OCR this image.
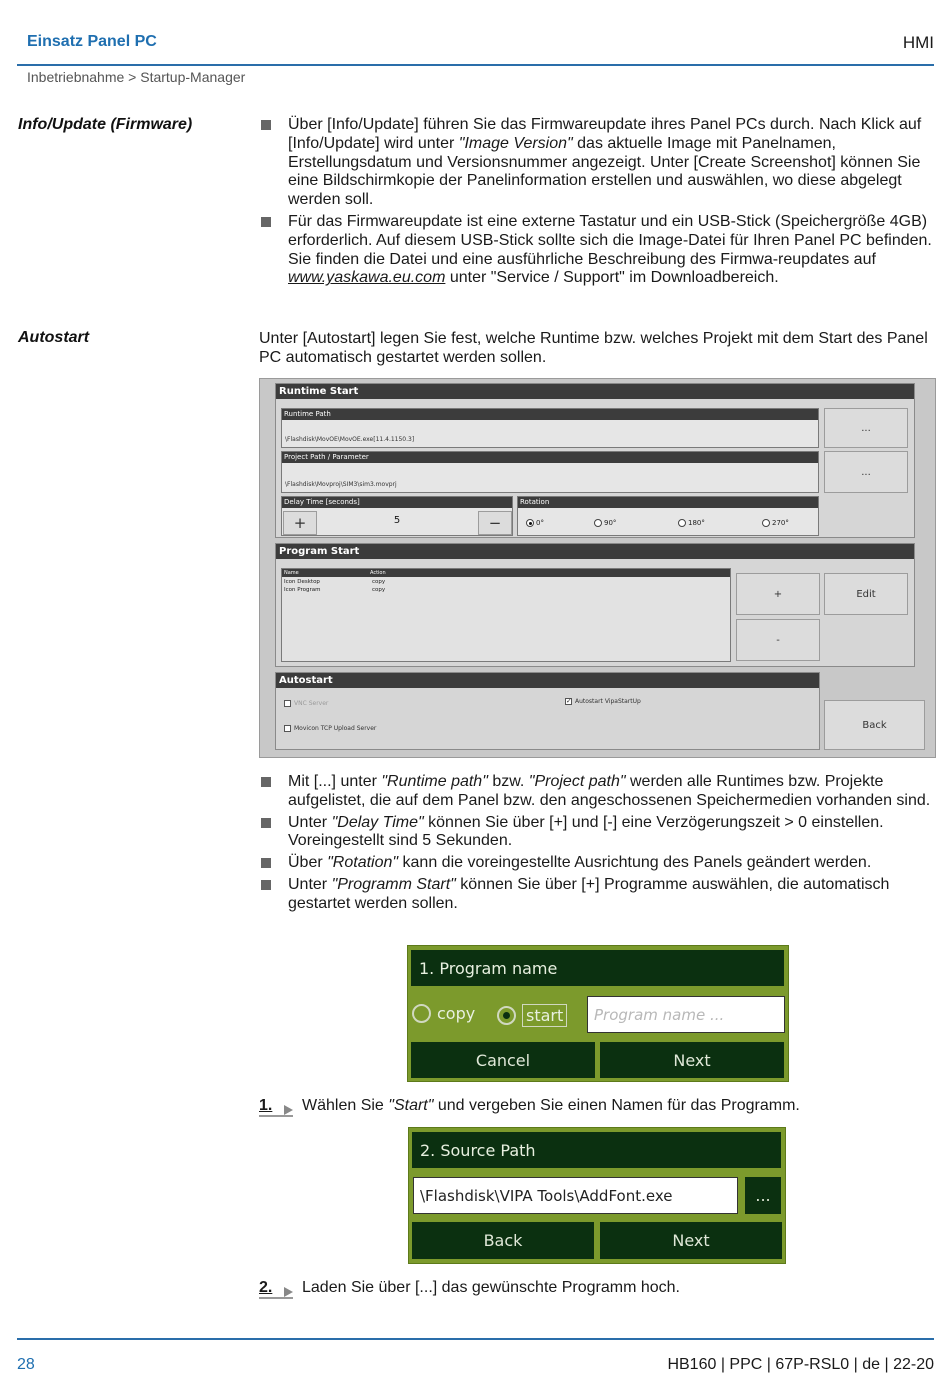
Einsatz Panel PC	HMI
Inbetriebnahme > Startup-Manager
Info/Update (Firmware)	Über [Info/Update] führen Sie das Firmwareupdate ihres Panel PCs durch. Nach Klick auf [Info/Update] wird unter "Image Version" das aktuelle Image mit Panelnamen, Erstellungsdatum und Versionsnummer angezeigt. Unter [Create Screenshot] können Sie eine Bildschirmkopie der Panelinformation erstellen und auswählen, wo diese abgelegt werden soll.
Für das Firmwareupdate ist eine externe Tastatur und ein USB-Stick (Speichergröße 4GB) erforderlich. Auf diesem USB-Stick sollte sich die Image-Datei für Ihren Panel PC befinden. Sie finden die Datei und eine ausführliche Beschreibung des Firmwa-reupdates auf www.yaskawa.eu.com unter "Service / Support" im Downloadbereich.
Autostart	Unter [Autostart] legen Sie fest, welche Runtime bzw. welches Projekt mit dem Start des Panel PC automatisch gestartet werden sollen.
Runtime Start
Runtime Path
\Flashdisk\MovOE\MovOE.exe[11.4.1150.3]
...
Project Path / Parameter
\Flashdisk\Movproj\SIM3\sim3.movprj
...
Delay Time [seconds]
+	5	−
Rotation
0°	90°	180°	270°
Program Start
Name	Action
Icon Desktop	copy
Icon Program	copy	+	Edit
-
Autostart
VNC Server	✓ Autostart VipaStartUp
Movicon TCP Upload Server	Back
Mit [...] unter "Runtime path" bzw. "Project path" werden alle Runtimes bzw. Projekte aufgelistet, die auf dem Panel bzw. den angeschossenen Speichermedien vorhanden sind.
Unter "Delay Time" können Sie über [+] und [-] eine Verzögerungszeit > 0 einstellen. Voreingestellt sind 5 Sekunden.
Über "Rotation" kann die voreingestellte Ausrichtung des Panels geändert werden.
Unter "Programm Start" können Sie über [+] Programme auswählen, die automatisch gestartet werden sollen.
1. Program name
copy	start	Program name ...
Cancel	Next
1. Wählen Sie "Start" und vergeben Sie einen Namen für das Programm.
2. Source Path
\Flashdisk\VIPA Tools\AddFont.exe	...
Back	Next
2. Laden Sie über [...] das gewünschte Programm hoch.
28	HB160 | PPC | 67P-RSL0 | de | 22-20
